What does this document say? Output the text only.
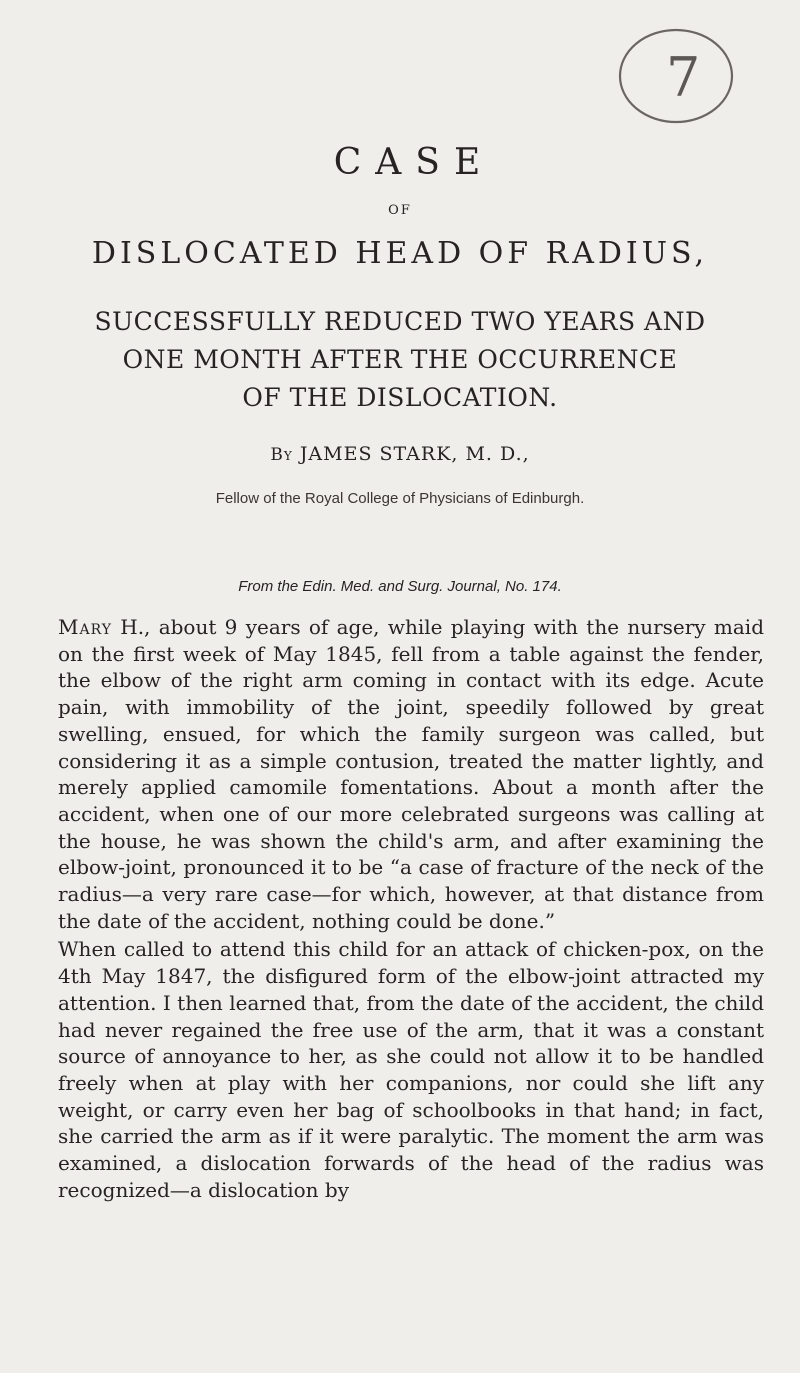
7
CASE
OF
DISLOCATED HEAD OF RADIUS,
SUCCESSFULLY REDUCED TWO YEARS AND
ONE MONTH AFTER THE OCCURRENCE
OF THE DISLOCATION.
By JAMES STARK, M. D.,
Fellow of the Royal College of Physicians of Edinburgh.
From the Edin. Med. and Surg. Journal, No. 174.

Mary H., about 9 years of age, while playing with the nursery maid on the first week of May 1845, fell from a table against the fender, the elbow of the right arm coming in contact with its edge. Acute pain, with immobility of the joint, speedily followed by great swelling, ensued, for which the family surgeon was called, but considering it as a simple contusion, treated the matter lightly, and merely applied camomile fomentations. About a month after the accident, when one of our more celebrated surgeons was calling at the house, he was shown the child's arm, and after examining the elbow-joint, pronounced it to be “a case of fracture of the neck of the radius—a very rare case—for which, however, at that distance from the date of the accident, nothing could be done.”

When called to attend this child for an attack of chicken-pox, on the 4th May 1847, the disfigured form of the elbow-joint attracted my attention. I then learned that, from the date of the accident, the child had never regained the free use of the arm, that it was a constant source of annoyance to her, as she could not allow it to be handled freely when at play with her companions, nor could she lift any weight, or carry even her bag of schoolbooks in that hand; in fact, she carried the arm as if it were paralytic. The moment the arm was examined, a dislocation forwards of the head of the radius was recognized—a dislocation by
